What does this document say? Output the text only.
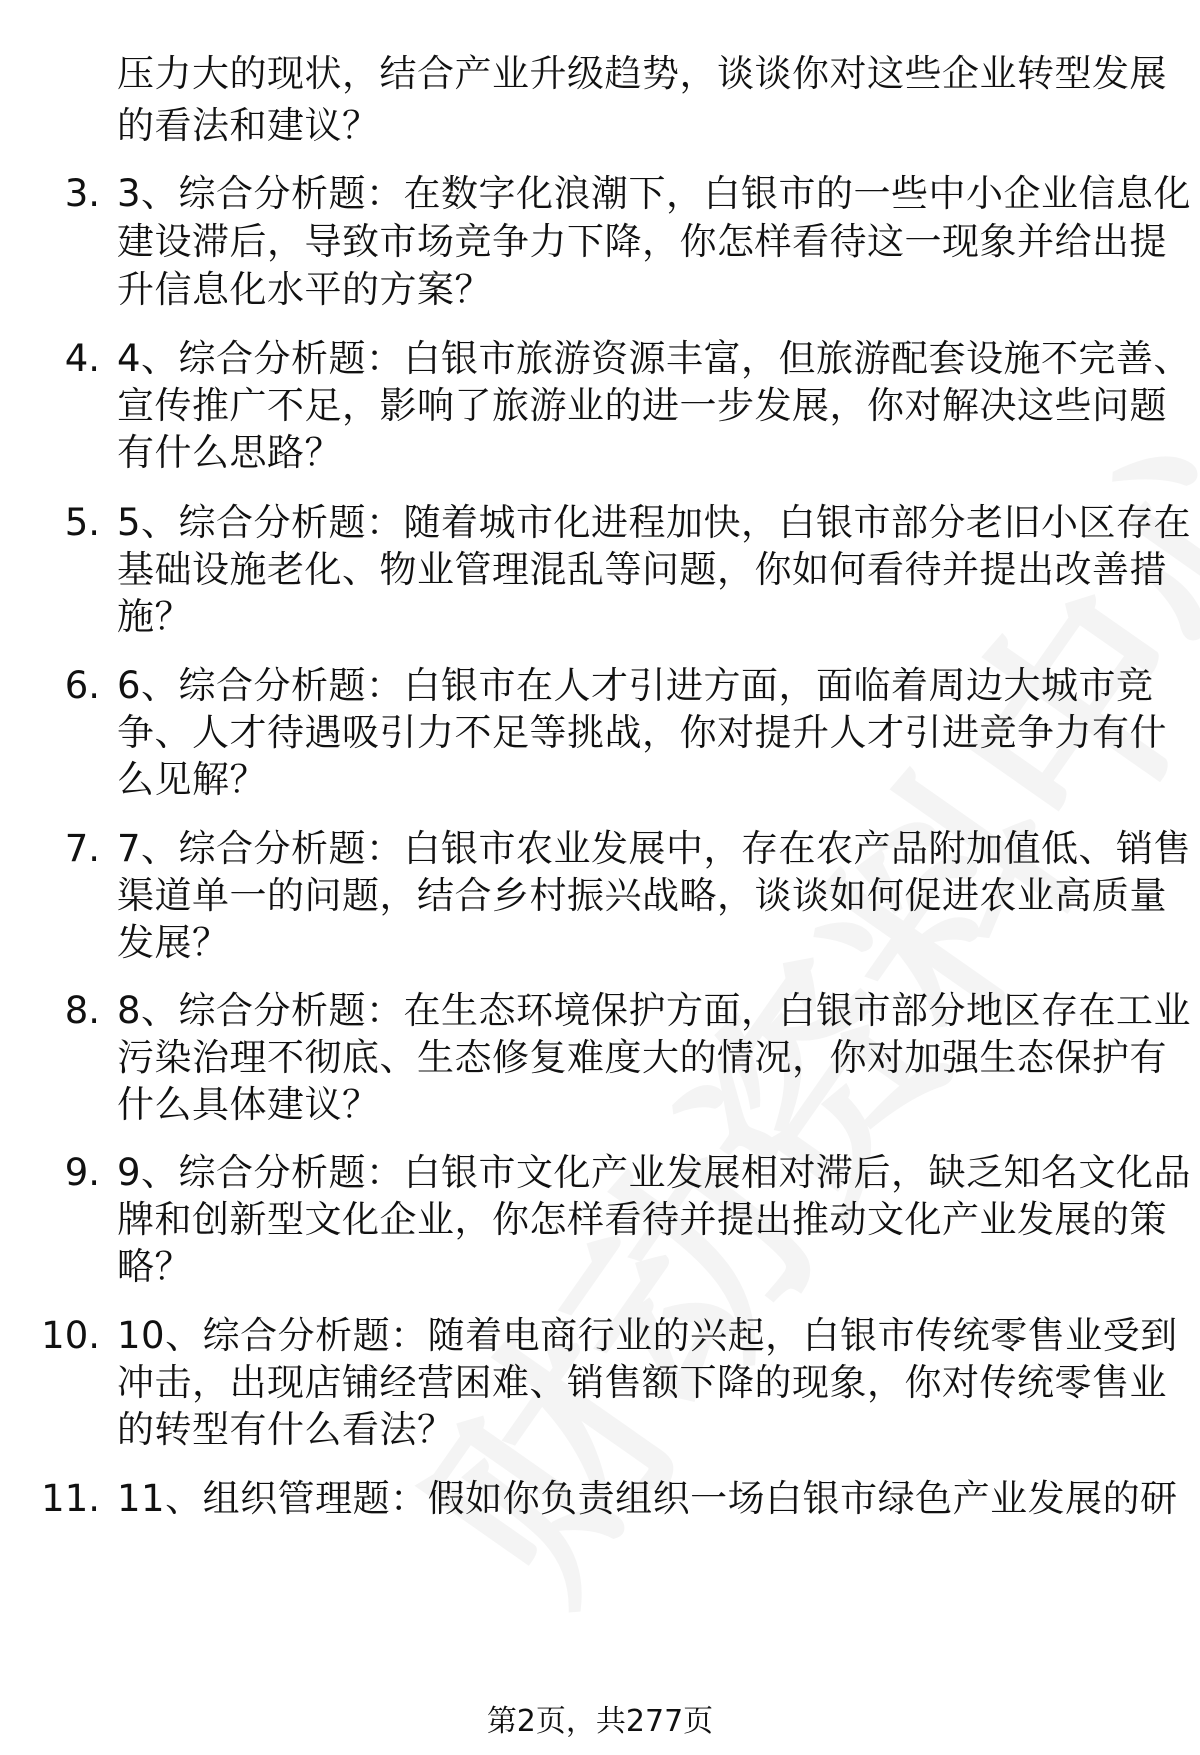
压力大的现状，结合产业升级趋势，谈谈你对这些企业转型发展
的看法和建议？
3. 3、综合分析题：在数字化浪潮下，白银市的一些中小企业信息化
建设滞后，导致市场竞争力下降，你怎样看待这一现象并给出提
升信息化水平的方案？
4. 4、综合分析题：白银市旅游资源丰富，但旅游配套设施不完善、
宣传推广不足，影响了旅游业的进一步发展，你对解决这些问题
有什么思路？
5. 5、综合分析题：随着城市化进程加快，白银市部分老旧小区存在
基础设施老化、物业管理混乱等问题，你如何看待并提出改善措
施？
6. 6、综合分析题：白银市在人才引进方面，面临着周边大城市竞
争、人才待遇吸引力不足等挑战，你对提升人才引进竞争力有什
么见解？
7. 7、综合分析题：白银市农业发展中，存在农产品附加值低、销售
渠道单一的问题，结合乡村振兴战略，谈谈如何促进农业高质量
发展？
8. 8、综合分析题：在生态环境保护方面，白银市部分地区存在工业
污染治理不彻底、生态修复难度大的情况，你对加强生态保护有
什么具体建议？
9. 9、综合分析题：白银市文化产业发展相对滞后，缺乏知名文化品
牌和创新型文化企业，你怎样看待并提出推动文化产业发展的策
略？
10. 10、综合分析题：随着电商行业的兴起，白银市传统零售业受到
冲击，出现店铺经营困难、销售额下降的现象，你对传统零售业
的转型有什么看法？
11. 11、组织管理题：假如你负责组织一场白银市绿色产业发展的研
第2页，共277页
